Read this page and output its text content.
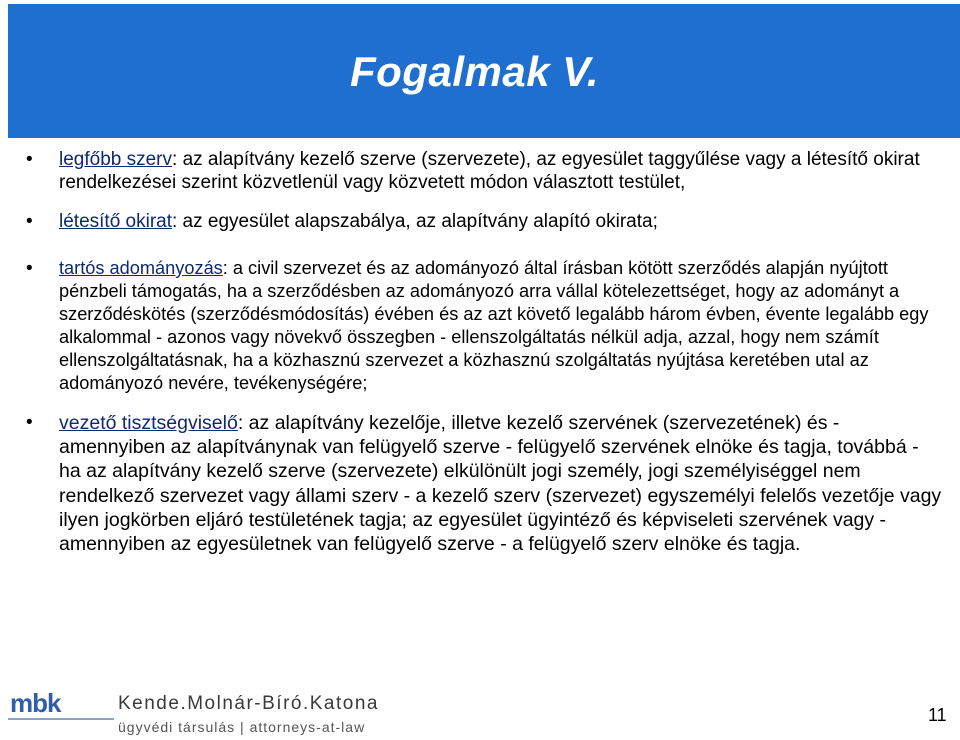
Fogalmak V.
• legfőbb szerv: az alapítvány kezelő szerve (szervezete), az egyesület taggyűlése vagy a létesítő okirat rendelkezései szerint közvetlenül vagy közvetett módon választott testület,
• létesítő okirat: az egyesület alapszabálya, az alapítvány alapító okirata;
• tartós adományozás: a civil szervezet és az adományozó által írásban kötött szerződés alapján nyújtott pénzbeli támogatás, ha a szerződésben az adományozó arra vállal kötelezettséget, hogy az adományt a szerződéskötés (szerződésmódosítás) évében és az azt követő legalább három évben, évente legalább egy alkalommal - azonos vagy növekvő összegben - ellenszolgáltatás nélkül adja, azzal, hogy nem számít ellenszolgáltatásnak, ha a közhasznú szervezet a közhasznú szolgáltatás nyújtása keretében utal az adományozó nevére, tevékenységére;
• vezető tisztségviselő: az alapítvány kezelője, illetve kezelő szervének (szervezetének) és - amennyiben az alapítványnak van felügyelő szerve - felügyelő szervének elnöke és tagja, továbbá - ha az alapítvány kezelő szerve (szervezete) elkülönült jogi személy, jogi személyiséggel nem rendelkező szervezet vagy állami szerv - a kezelő szerv (szervezet) egyszemélyi felelős vezetője vagy ilyen jogkörben eljáró testületének tagja; az egyesület ügyintéző és képviseleti szervének vagy - amennyiben az egyesületnek van felügyelő szerve - a felügyelő szerv elnöke és tagja.
mbk	Kende.Molnár-Bíró.Katona
ügyvédi társulás | attorneys-at-law
11
